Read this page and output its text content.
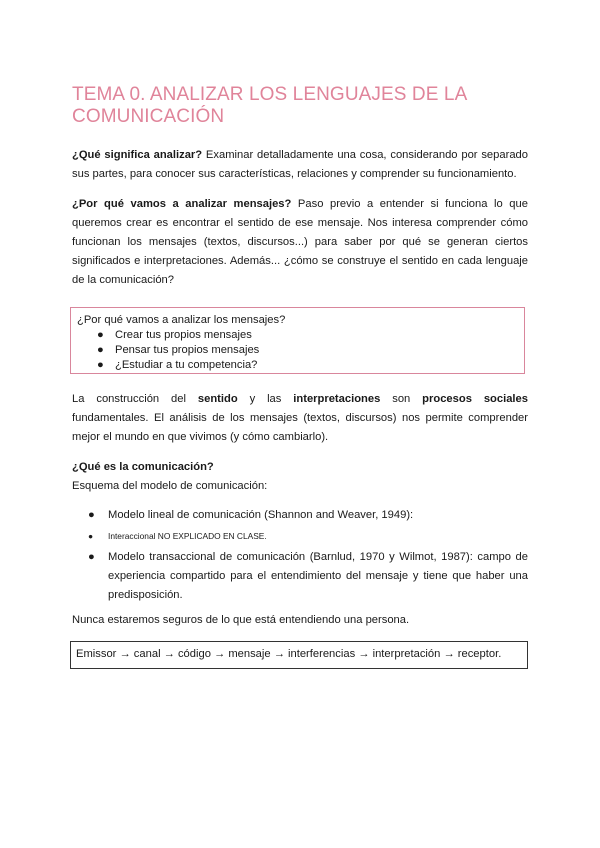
TEMA 0. ANALIZAR LOS LENGUAJES DE LA COMUNICACIÓN

¿Qué significa analizar? Examinar detalladamente una cosa, considerando por separado sus partes, para conocer sus características, relaciones y comprender su funcionamiento.

¿Por qué vamos a analizar mensajes? Paso previo a entender si funciona lo que queremos crear es encontrar el sentido de ese mensaje. Nos interesa comprender cómo funcionan los mensajes (textos, discursos...) para saber por qué se generan ciertos significados e interpretaciones. Además... ¿cómo se construye el sentido en cada lenguaje de la comunicación?

¿Por qué vamos a analizar los mensajes?
● Crear tus propios mensajes
● Pensar tus propios mensajes
● ¿Estudiar a tu competencia?

La construcción del sentido y las interpretaciones son procesos sociales fundamentales. El análisis de los mensajes (textos, discursos) nos permite comprender mejor el mundo en que vivimos (y cómo cambiarlo).

¿Qué es la comunicación?

Esquema del modelo de comunicación:

● Modelo lineal de comunicación (Shannon and Weaver, 1949):
● Interaccional NO EXPLICADO EN CLASE.
● Modelo transaccional de comunicación (Barnlud, 1970 y Wilmot, 1987): campo de experiencia compartido para el entendimiento del mensaje y tiene que haber una predisposición.

Nunca estaremos seguros de lo que está entendiendo una persona.

Emissor → canal → código → mensaje → interferencias → interpretación → receptor.
